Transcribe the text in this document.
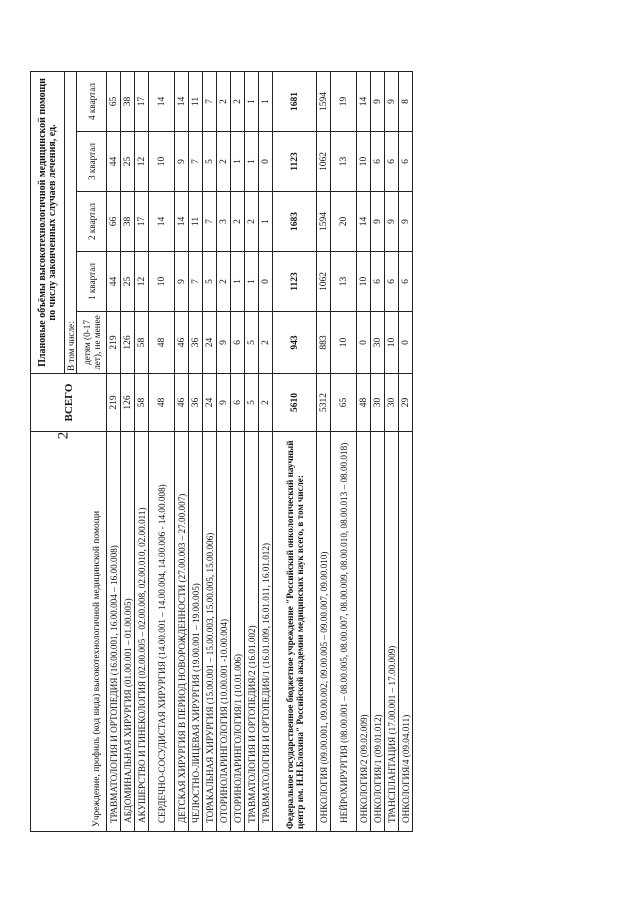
2
Учреждение, профиль (код вида) высокотехнологичной медицинской помощи	ВСЕГО	Плановые объёмы высокотехнологичной медицинской помощи по числу законченных случаев лечения, ед.				
		В том числе:				
		детям (0-17 лет), не менее	1 квартал	2 квартал	3 квартал	4 квартал
ТРАВМАТОЛОГИЯ И ОРТОПЕДИЯ (16.00.001, 16.00.004 – 16.00.008)	219	219	44	66	44	65
АБДОМИНАЛЬНАЯ ХИРУРГИЯ (01.00.001 – 01.00.005)	126	126	25	38	25	38
АКУШЕРСТВО И ГИНЕКОЛОГИЯ (02.00.005 – 02.00.008, 02.00.010, 02.00.011)	58	58	12	17	12	17
СЕРДЕЧНО-СОСУДИСТАЯ ХИРУРГИЯ (14.00.001 – 14.00.004, 14.00.006 - 14.00.008)	48	48	10	14	10	14
ДЕТСКАЯ ХИРУРГИЯ В ПЕРИОД НОВОРОЖДЕННОСТИ (27.00.003 – 27.00.007)	46	46	9	14	9	14
ЧЕЛЮСТНО-ЛИЦЕВАЯ ХИРУРГИЯ (19.00.001 – 19.00.005)	36	36	7	11	7	11
ТОРАКАЛЬНАЯ ХИРУРГИЯ (15.00.001 – 15.00.003, 15.00.005, 15.00.006)	24	24	5	7	5	7
ОТОРИНОЛАРИНГОЛОГИЯ (10.00.001 -10.00.004)	9	9	2	3	2	2
ОТОРИНОЛАРИНГОЛОГИЯ/1 (10.01.006)	6	6	1	2	1	2
ТРАВМАТОЛОГИЯ И ОРТОПЕДИЯ/2 (16.01.002)	5	5	1	2	1	1
ТРАВМАТОЛОГИЯ И ОРТОПЕДИЯ/1 (16.01.009, 16.01.011, 16.01.012)	2	2	0	1	0	1
Федеральное государственное бюджетное учреждение "Российский онкологический научный центр им. Н.Н.Блохина" Российской академии медицинских наук всего, в том числе:	5610	943	1123	1683	1123	1681
ОНКОЛОГИЯ (09.00.001, 09.00.002, 09.00.005 – 09.00.007, 09.00.010)	5312	883	1062	1594	1062	1594
НЕЙРОХИРУРГИЯ (08.00.001 – 08.00.005, 08.00.007, 08.00.009, 08.00.010, 08.00.013 – 08.00.018)	65	10	13	20	13	19
ОНКОЛОГИЯ/2 (09.02.009)	48	0	10	14	10	14
ОНКОЛОГИЯ/1 (09.01.012)	30	30	6	9	6	9
ТРАНСПЛАНТАЦИЯ (17.00.001 – 17.00.009)	30	10	6	9	6	9
ОНКОЛОГИЯ/4 (09.04.011)	29	0	6	9	6	8
